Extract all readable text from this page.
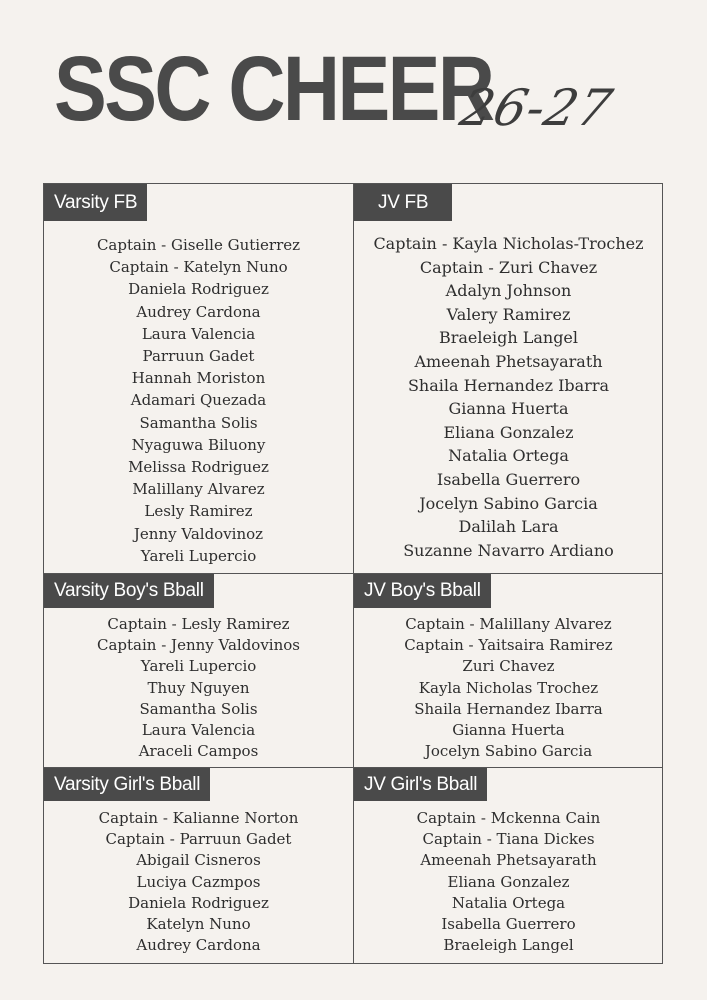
SSC CHEER
26-27
Varsity FB
Captain - Giselle Gutierrez
Captain - Katelyn Nuno
Daniela Rodriguez
Audrey Cardona
Laura Valencia
Parruun Gadet
Hannah Moriston
Adamari Quezada
Samantha Solis
Nyaguwa Biluony
Melissa Rodriguez
Malillany Alvarez
Lesly Ramirez
Jenny Valdovinoz
Yareli Lupercio
JV FB
Captain - Kayla Nicholas-Trochez
Captain - Zuri Chavez
Adalyn Johnson
Valery Ramirez
Braeleigh Langel
Ameenah Phetsayarath
Shaila Hernandez Ibarra
Gianna Huerta
Eliana Gonzalez
Natalia Ortega
Isabella Guerrero
Jocelyn Sabino Garcia
Dalilah Lara
Suzanne Navarro Ardiano
Varsity Boy's Bball
Captain - Lesly Ramirez
Captain - Jenny Valdovinos
Yareli Lupercio
Thuy Nguyen
Samantha Solis
Laura Valencia
Araceli Campos
JV Boy's Bball
Captain - Malillany Alvarez
Captain - Yaitsaira Ramirez
Zuri Chavez
Kayla Nicholas Trochez
Shaila Hernandez Ibarra
Gianna Huerta
Jocelyn Sabino Garcia
Varsity Girl's Bball
Captain - Kalianne Norton
Captain - Parruun Gadet
Abigail Cisneros
Luciya Cazmpos
Daniela Rodriguez
Katelyn Nuno
Audrey Cardona
JV Girl's Bball
Captain - Mckenna Cain
Captain - Tiana Dickes
Ameenah Phetsayarath
Eliana Gonzalez
Natalia Ortega
Isabella Guerrero
Braeleigh Langel
